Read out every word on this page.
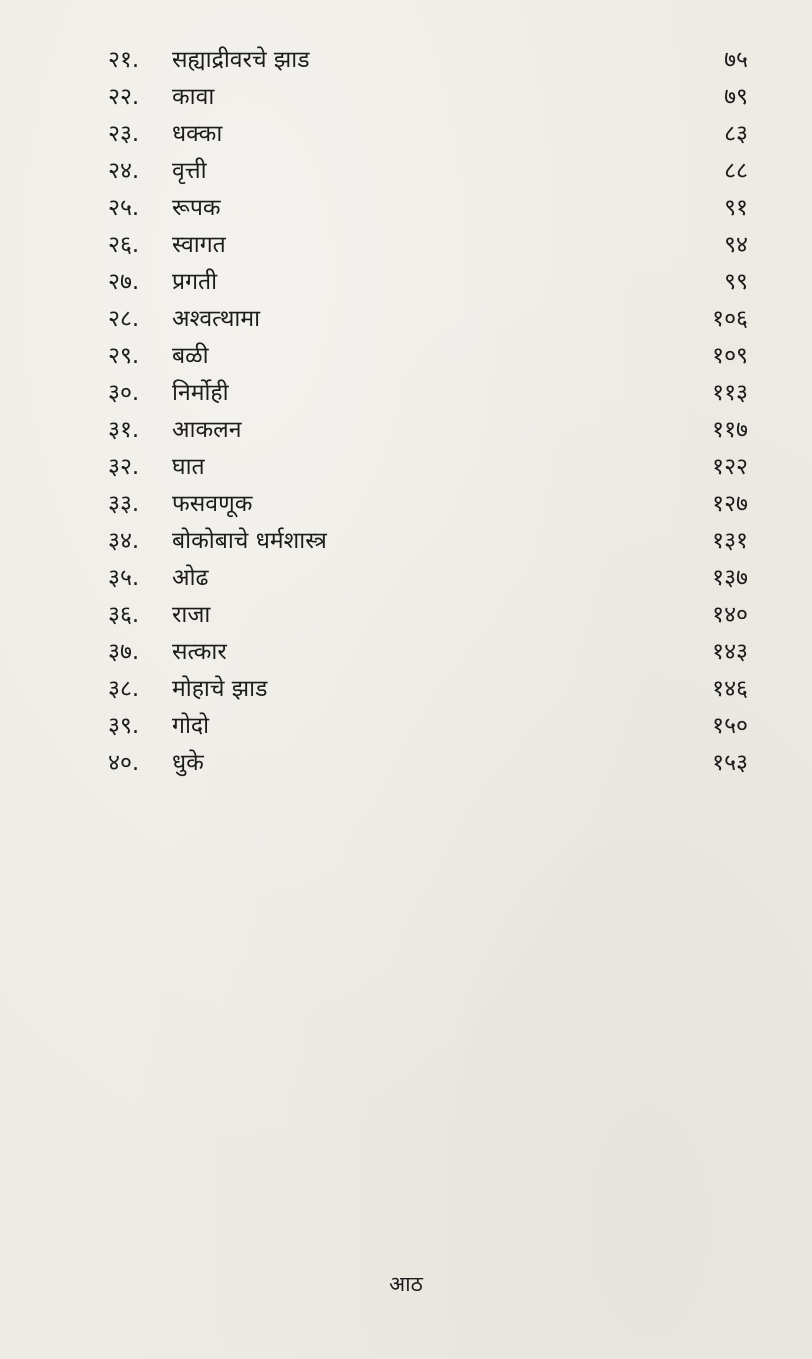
२१.	सह्याद्रीवरचे झाड	७५
२२.	कावा	७९
२३.	धक्का	८३
२४.	वृत्ती	८८
२५.	रूपक	९१
२६.	स्वागत	९४
२७.	प्रगती	९९
२८.	अश्वत्थामा	१०६
२९.	बळी	१०९
३०.	निर्मोही	११३
३१.	आकलन	११७
३२.	घात	१२२
३३.	फसवणूक	१२७
३४.	बोकोबाचे धर्मशास्त्र	१३१
३५.	ओढ	१३७
३६.	राजा	१४०
३७.	सत्कार	१४३
३८.	मोहाचे झाड	१४६
३९.	गोदो	१५०
४०.	धुके	१५३
आठ
